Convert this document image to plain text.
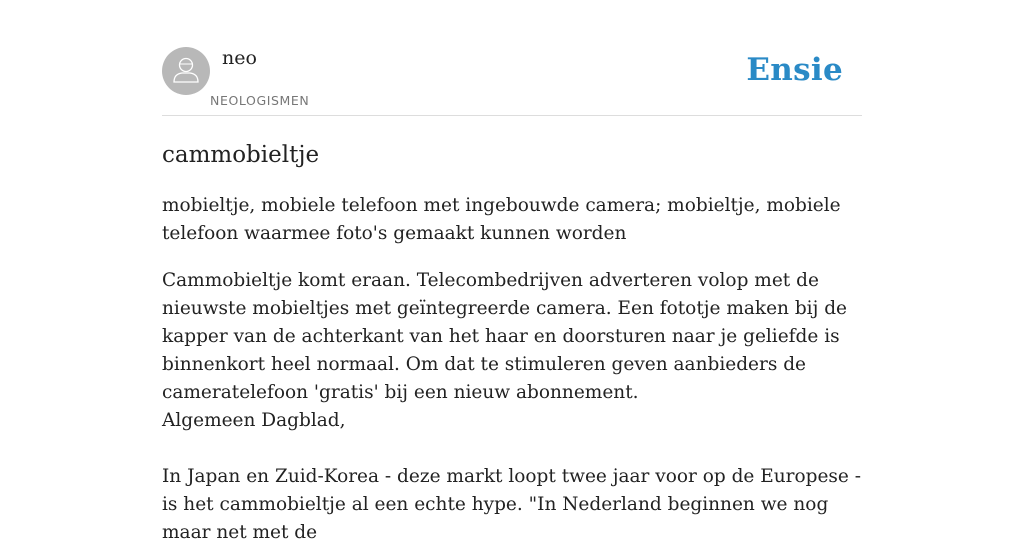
neo
NEOLOGISMEN
Ensie
cammobieltje

mobieltje, mobiele telefoon met ingebouwde camera; mobieltje, mobiele telefoon waarmee foto's gemaakt kunnen worden

Cammobieltje komt eraan. Telecombedrijven adverteren volop met de nieuwste mobieltjes met geïntegreerde camera. Een fototje maken bij de kapper van de achterkant van het haar en doorsturen naar je geliefde is binnenkort heel normaal. Om dat te stimuleren geven aanbieders de cameratelefoon 'gratis' bij een nieuw abonnement.

Algemeen Dagblad,

In Japan en Zuid-Korea - deze markt loopt twee jaar voor op de Europese - is het cammobieltje al een echte hype. "In Nederland beginnen we nog maar net met de
